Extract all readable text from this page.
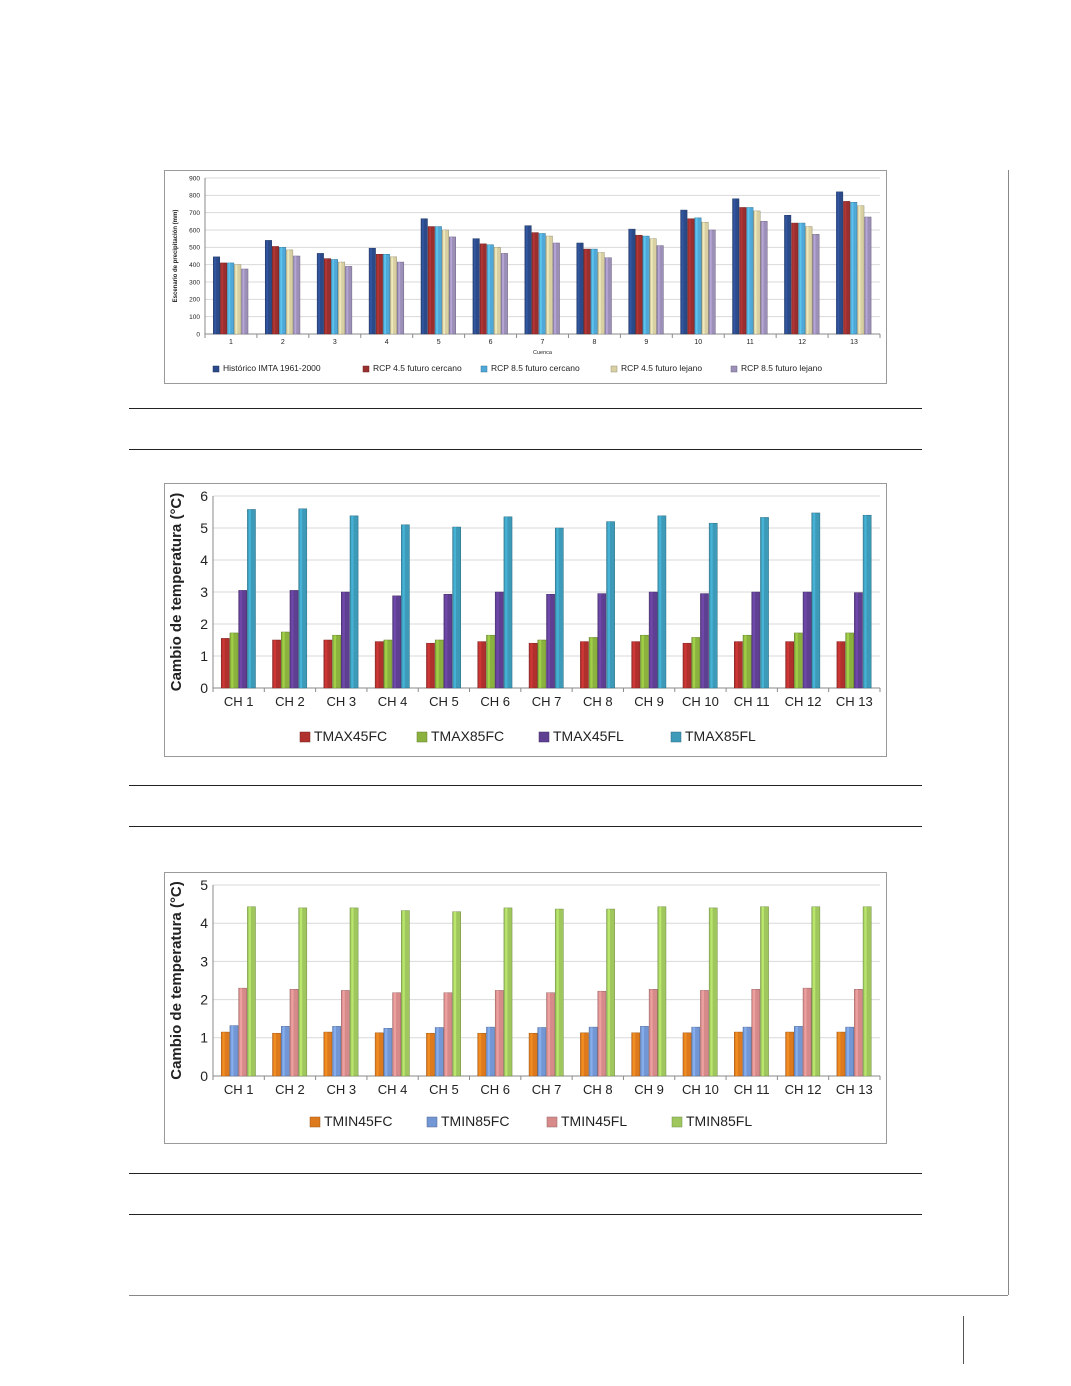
0
100
200
300
400
500
600
700
800
900
Escenario de precipitación (mm)
1	2	3	4	5	6	7	8	9	10	11	12	13
Cuenca
Histórico IMTA 1961-2000	RCP 4.5 futuro cercano	RCP 8.5 futuro cercano	RCP 4.5 futuro lejano	RCP 8.5 futuro lejano
0
1
2
3
4
5
6
Cambio de temperatura (°C)
CH 1 CH 2 CH 3 CH 4 CH 5 CH 6 CH 7 CH 8 CH 9 CH 10 CH 11 CH 12 CH 13
TMAX45FC	TMAX85FC	TMAX45FL	TMAX85FL
0
1
2
3
4
5
Cambio de temperatura (°C)
CH 1 CH 2 CH 3 CH 4 CH 5 CH 6 CH 7 CH 8 CH 9 CH 10 CH 11 CH 12 CH 13
TMIN45FC	TMIN85FC	TMIN45FL	TMIN85FL
